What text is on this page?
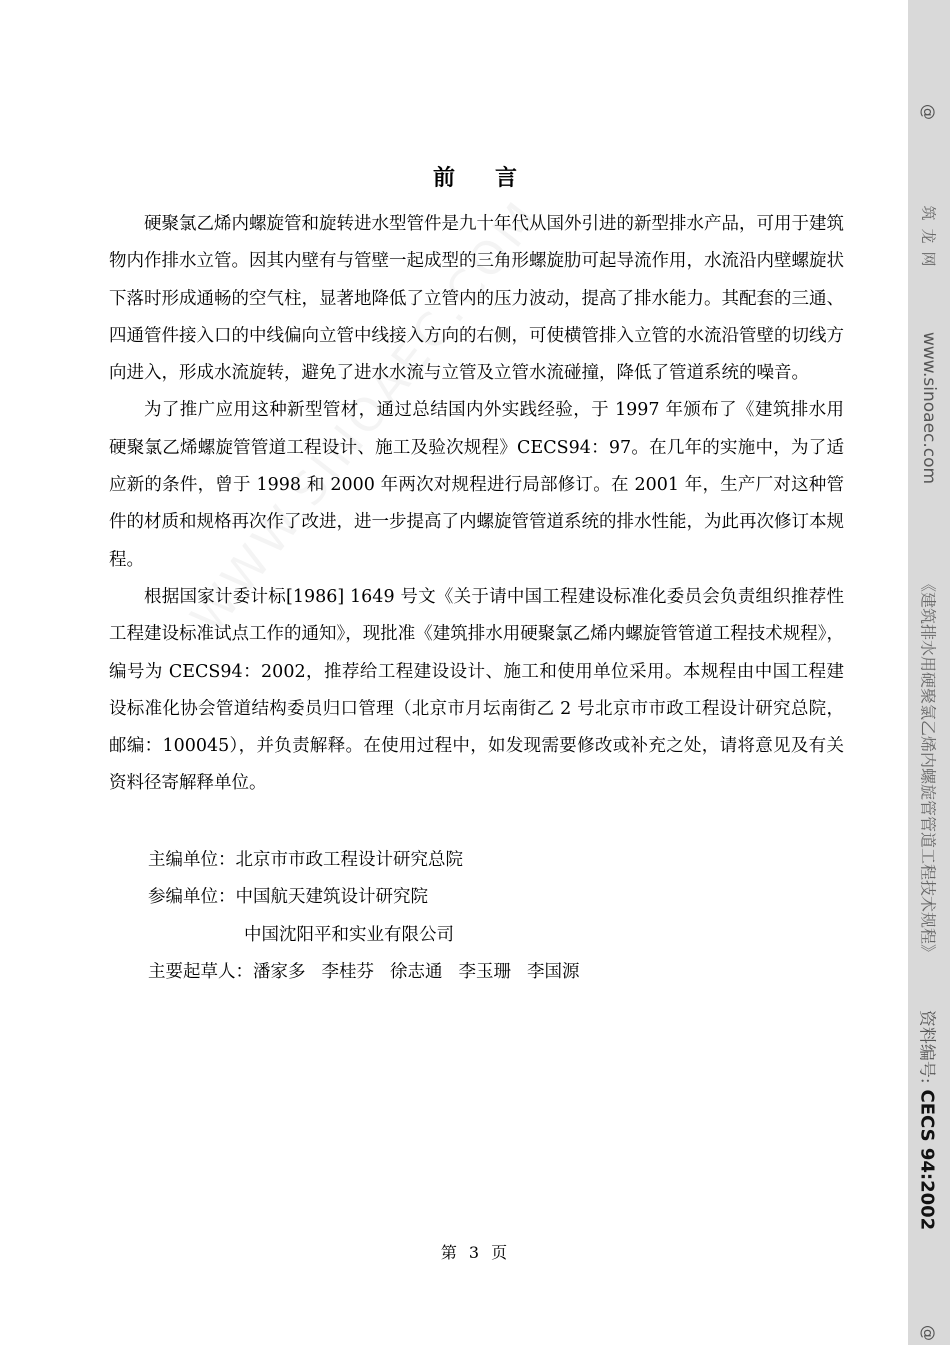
@
筑龙网
www.sinoaec.com
《建筑排水用硬聚氯乙烯内螺旋管管道工程技术规程》
资料编号:CECS 94:2002
@
前言

硬聚氯乙烯内螺旋管和旋转进水型管件是九十年代从国外引进的新型排水产品，可用于建筑物内作排水立管。因其内壁有与管壁一起成型的三角形螺旋肋可起导流作用，水流沿内壁螺旋状下落时形成通畅的空气柱，显著地降低了立管内的压力波动，提高了排水能力。其配套的三通、四通管件接入口的中线偏向立管中线接入方向的右侧，可使横管排入立管的水流沿管壁的切线方向进入，形成水流旋转，避免了进水水流与立管及立管水流碰撞，降低了管道系统的噪音。

为了推广应用这种新型管材，通过总结国内外实践经验，于 1997 年颁布了《建筑排水用硬聚氯乙烯螺旋管管道工程设计、施工及验次规程》CECS94：97。在几年的实施中，为了适应新的条件，曾于 1998 和 2000 年两次对规程进行局部修订。在 2001 年，生产厂对这种管件的材质和规格再次作了改进，进一步提高了内螺旋管管道系统的排水性能，为此再次修订本规程。

根据国家计委计标[1986] 1649 号文《关于请中国工程建设标准化委员会负责组织推荐性工程建设标准试点工作的通知》，现批准《建筑排水用硬聚氯乙烯内螺旋管管道工程技术规程》，编号为 CECS94：2002，推荐给工程建设设计、施工和使用单位采用。本规程由中国工程建设标准化协会管道结构委员归口管理（北京市月坛南街乙 2 号北京市市政工程设计研究总院，邮编：100045），并负责解释。在使用过程中，如发现需要修改或补充之处，请将意见及有关资料径寄解释单位。

主编单位：北京市市政工程设计研究总院
参编单位：中国航天建筑设计研究院
中国沈阳平和实业有限公司
主要起草人：潘家多 李桂芬 徐志通 李玉珊 李国源
第 3 页
